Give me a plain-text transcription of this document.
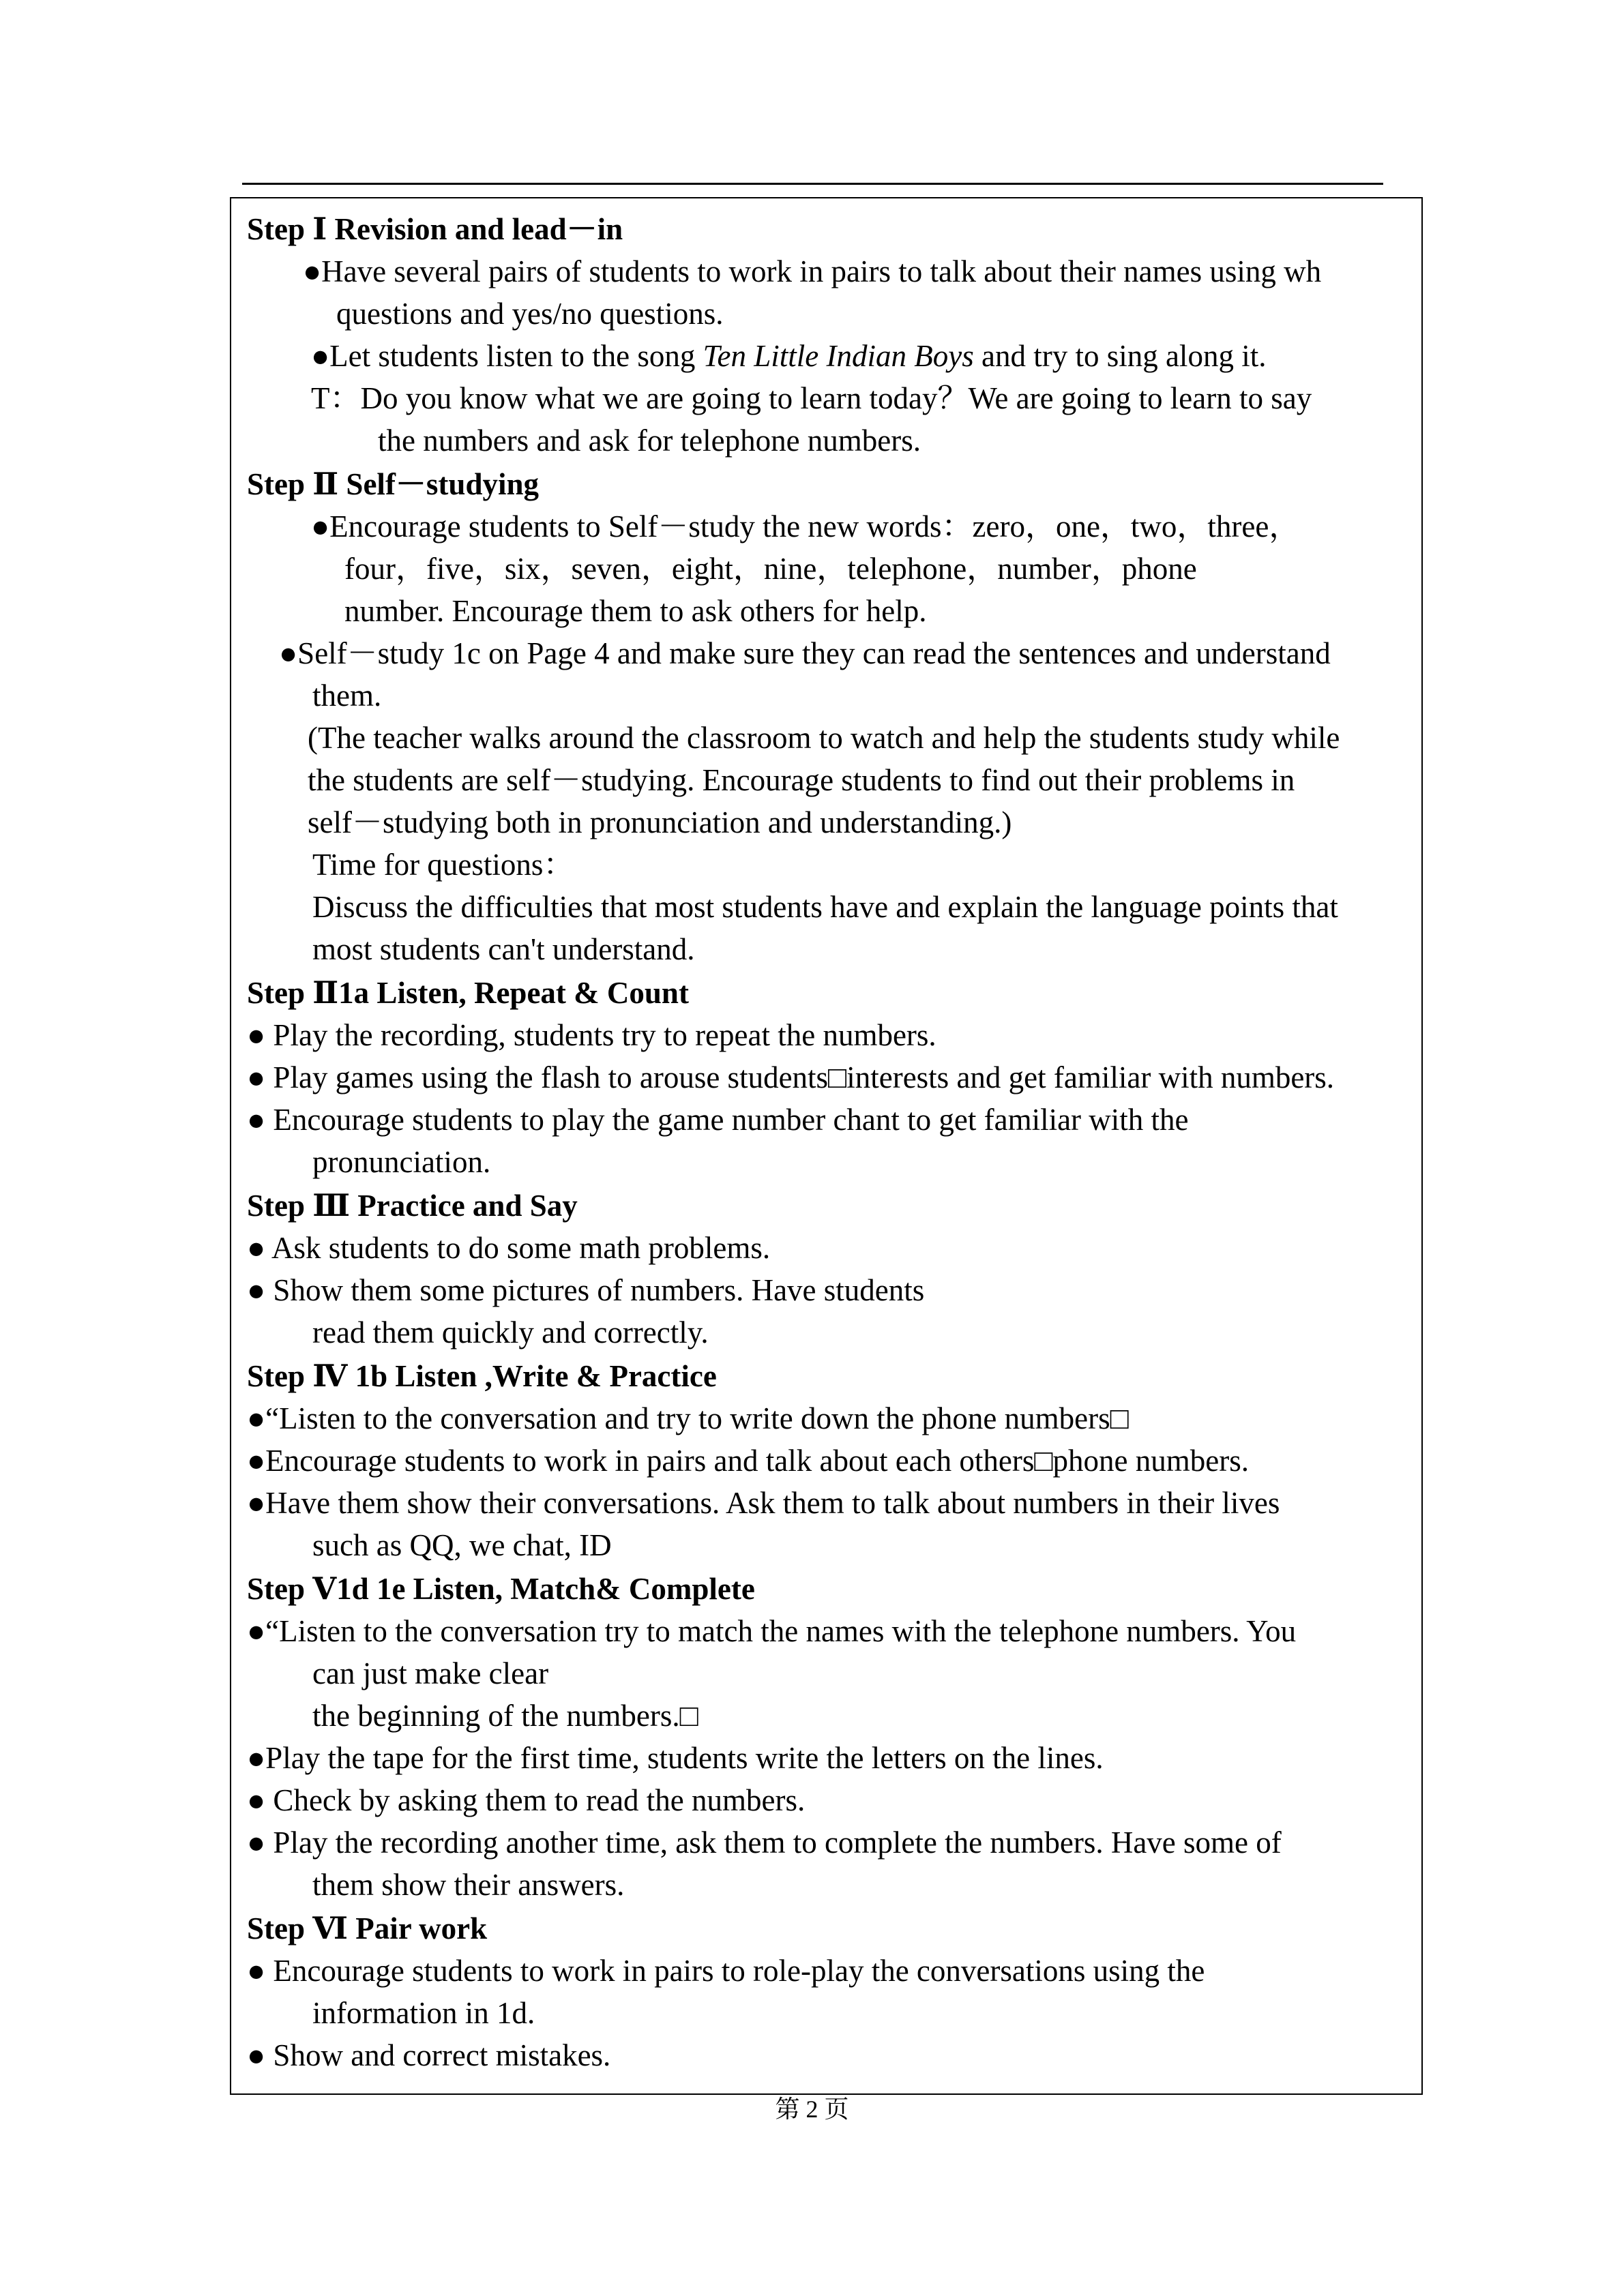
Step Ⅰ Revision and lead－in
●Have several pairs of students to work in pairs to talk about their names using wh
questions and yes/no questions.
●Let students listen to the song Ten Little Indian Boys and try to sing along it.
T：Do you know what we are going to learn today？We are going to learn to say
the numbers and ask for telephone numbers.
Step Ⅱ Self－studying
●Encourage students to Self－study the new words：zero，one，two，three，
four，five，six，seven，eight，nine，telephone，number，phone
number. Encourage them to ask others for help.
●Self－study 1c on Page 4 and make sure they can read the sentences and understand
them.
(The teacher walks around the classroom to watch and help the students study while
the students are self－studying. Encourage students to find out their problems in
self－studying both in pronunciation and understanding.)
Time for questions：
Discuss the difficulties that most students have and explain the language points that
most students can't understand.
Step Ⅱ1a Listen, Repeat & Count
● Play the recording, students try to repeat the numbers.
● Play games using the flash to arouse students□interests and get familiar with numbers.
● Encourage students to play the game number chant to get familiar with the
pronunciation.
Step Ⅲ Practice and Say
● Ask students to do some math problems.
● Show them some pictures of numbers. Have students
read them quickly and correctly.
Step Ⅳ 1b Listen ,Write & Practice
●“Listen to the conversation and try to write down the phone numbers□
●Encourage students to work in pairs and talk about each others□phone numbers.
●Have them show their conversations. Ask them to talk about numbers in their lives
such as QQ, we chat, ID
Step Ⅴ1d 1e Listen, Match& Complete
●“Listen to the conversation try to match the names with the telephone numbers. You
can just make clear
the beginning of the numbers.□
●Play the tape for the first time, students write the letters on the lines.
● Check by asking them to read the numbers.
● Play the recording another time, ask them to complete the numbers. Have some of
them show their answers.
Step Ⅵ Pair work
● Encourage students to work in pairs to role-play the conversations using the
information in 1d.
● Show and correct mistakes.
第 2 页
